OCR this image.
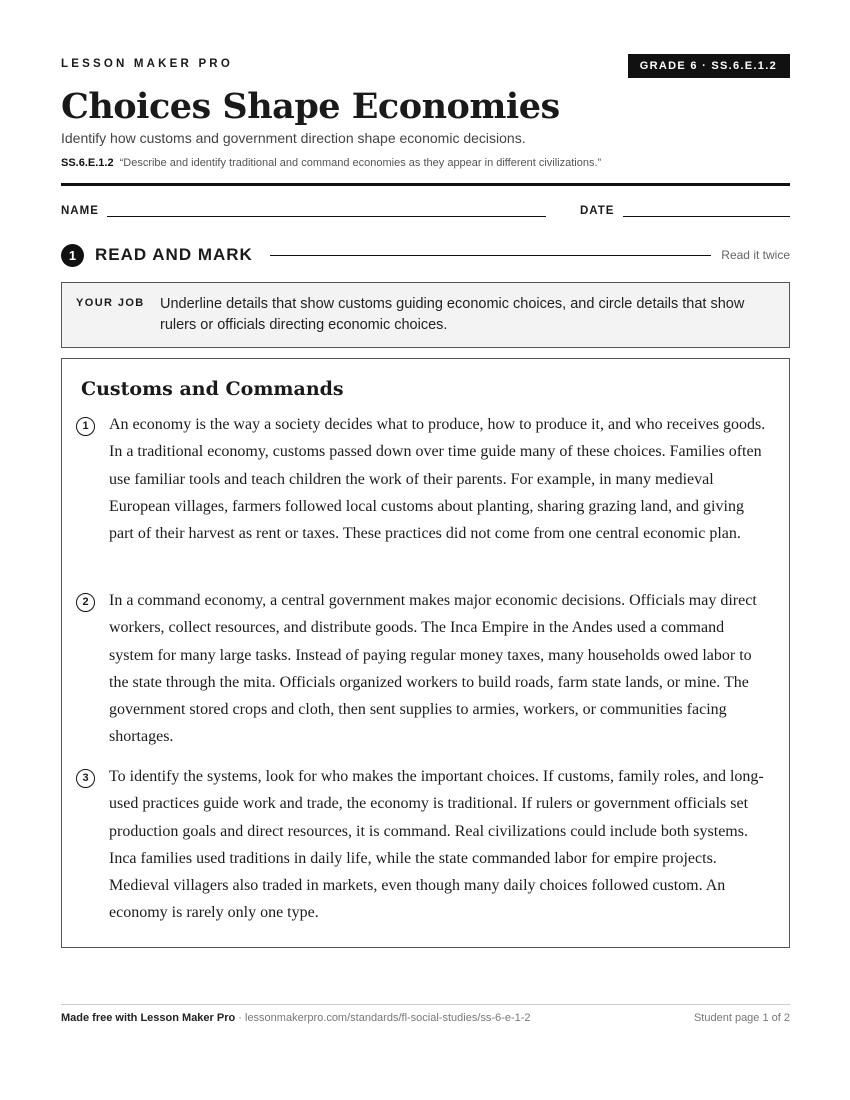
LESSON MAKER PRO	GRADE 6 · SS.6.E.1.2
Choices Shape Economies
Identify how customs and government direction shape economic decisions.
SS.6.E.1.2 “Describe and identify traditional and command economies as they appear in different civilizations.”
NAME	DATE
1	READ AND MARK	Read it twice
YOUR JOB Underline details that show customs guiding economic choices, and circle details that show rulers or officials directing economic choices.
Customs and Commands
1	An economy is the way a society decides what to produce, how to produce it, and who receives goods. In a traditional economy, customs passed down over time guide many of these choices. Families often use familiar tools and teach children the work of their parents. For example, in many medieval European villages, farmers followed local customs about planting, sharing grazing land, and giving part of their harvest as rent or taxes. These practices did not come from one central economic plan.

2	In a command economy, a central government makes major economic decisions. Officials may direct workers, collect resources, and distribute goods. The Inca Empire in the Andes used a command system for many large tasks. Instead of paying regular money taxes, many households owed labor to the state through the mita. Officials organized workers to build roads, farm state lands, or mine. The government stored crops and cloth, then sent supplies to armies, workers, or communities facing shortages.

3	To identify the systems, look for who makes the important choices. If customs, family roles, and long-used practices guide work and trade, the economy is traditional. If rulers or government officials set production goals and direct resources, it is command. Real civilizations could include both systems. Inca families used traditions in daily life, while the state commanded labor for empire projects. Medieval villagers also traded in markets, even though many daily choices followed custom. An economy is rarely only one type.

Made free with Lesson Maker Pro · lessonmakerpro.com/standards/fl-social-studies/ss-6-e-1-2	Student page 1 of 2
